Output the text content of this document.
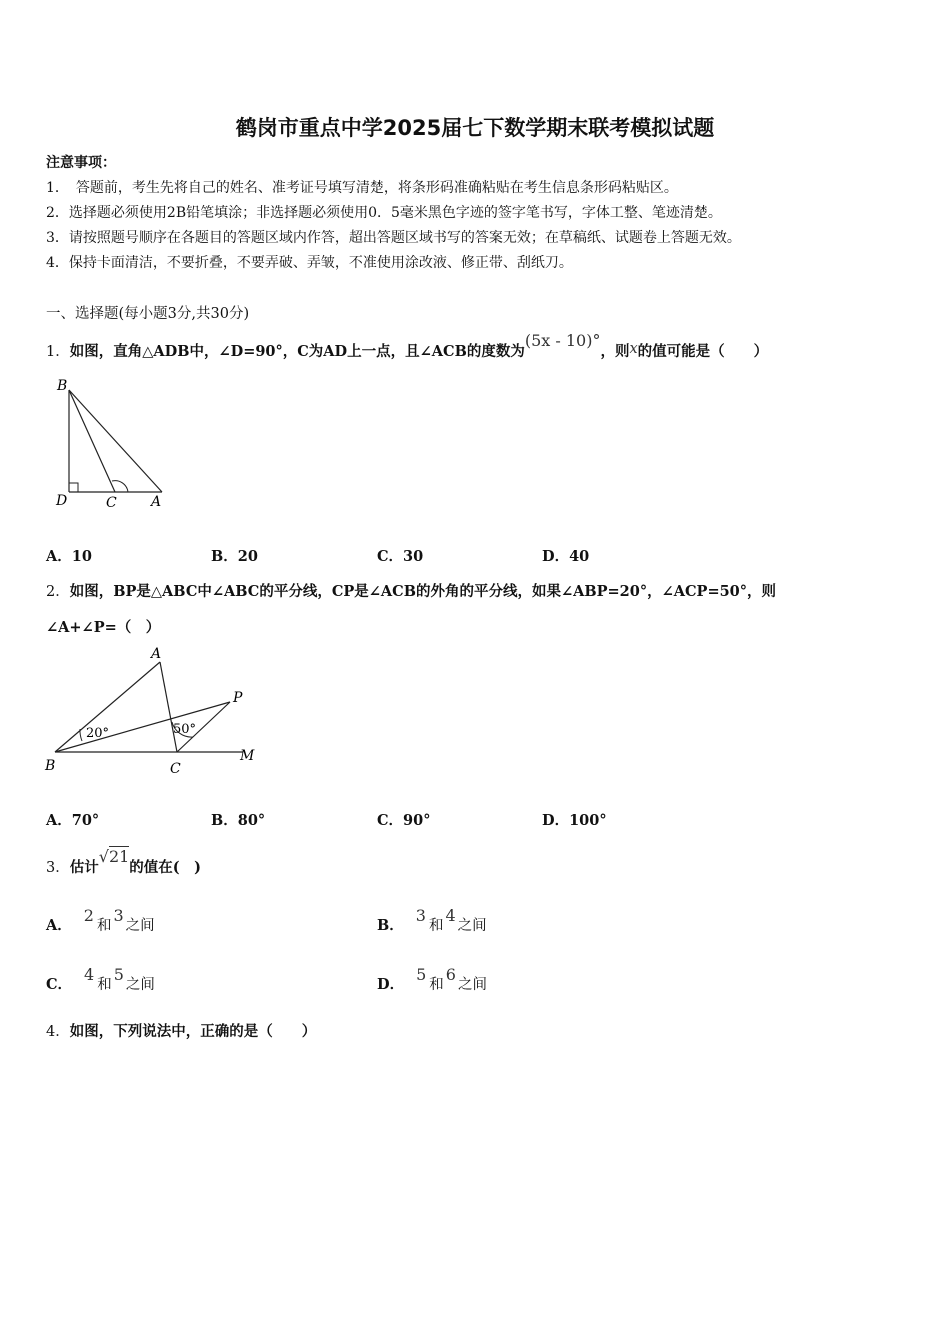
鹤岗市重点中学2025届七下数学期末联考模拟试题
注意事项：
1．　答题前，考生先将自己的姓名、准考证号填写清楚，将条形码准确粘贴在考生信息条形码粘贴区。
2．选择题必须使用2B铅笔填涂；非选择题必须使用0．5毫米黑色字迹的签字笔书写，字体工整、笔迹清楚。
3．请按照题号顺序在各题目的答题区域内作答，超出答题区域书写的答案无效；在草稿纸、试题卷上答题无效。
4．保持卡面清洁，不要折叠，不要弄破、弄皱，不准使用涂改液、修正带、刮纸刀。
一、选择题(每小题3分,共30分)
1．如图，直角△ADB中，∠D=90°，C为AD上一点，且∠ACB的度数为(5x - 10)°，则x的值可能是（　　）
B
D	C A
A．10	B．20	C．30	D．40
2．如图，BP是△ABC中∠ABC的平分线，CP是∠ACB的外角的平分线，如果∠ABP=20°，∠ACP=50°，则
∠A+∠P=（　）
A
P
B	C
M
20°	50°
A．70°	B．80°	C．90°	D．100°
3．估计√21的值在(　)
A．2和3之间	B．3和4之间
C．4和5之间	D．5和6之间
4．如图，下列说法中，正确的是（　　）
